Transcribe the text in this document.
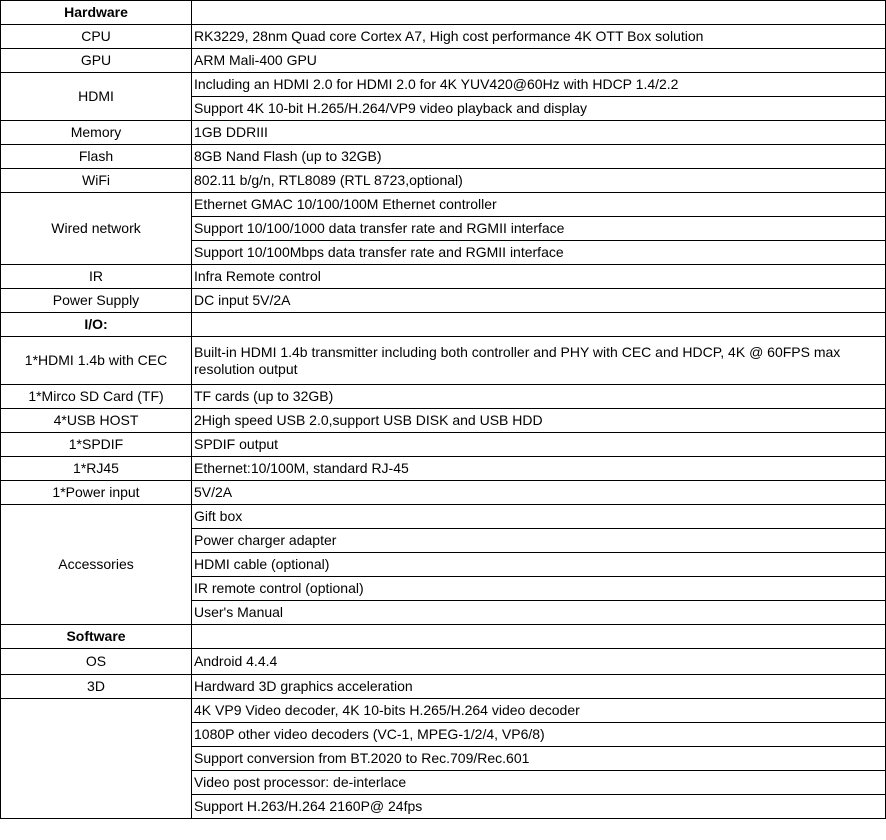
Hardware	
CPU	RK3229, 28nm Quad core Cortex A7, High cost performance 4K OTT Box solution
GPU	ARM Mali-400 GPU
HDMI	Including an HDMI 2.0 for HDMI 2.0 for 4K YUV420@60Hz with HDCP 1.4/2.2
	Support 4K 10-bit H.265/H.264/VP9 video playback and display
Memory	1GB DDRIII
Flash	8GB Nand Flash (up to 32GB)
WiFi	802.11 b/g/n, RTL8089 (RTL 8723,optional)
Wired network	Ethernet GMAC 10/100/100M Ethernet controller
	Support 10/100/1000 data transfer rate and RGMII interface
	Support 10/100Mbps data transfer rate and RGMII interface
IR	Infra Remote control
Power Supply	DC input 5V/2A
I/O:	
1*HDMI 1.4b with CEC	Built-in HDMI 1.4b transmitter including both controller and PHY with CEC and HDCP, 4K @ 60FPS max resolution output
1*Mirco SD Card (TF)	TF cards (up to 32GB)
4*USB HOST	2High speed USB 2.0,support USB DISK and USB HDD
1*SPDIF	SPDIF output
1*RJ45	Ethernet:10/100M, standard RJ-45
1*Power input	5V/2A
Accessories	Gift box
	Power charger adapter
	HDMI cable (optional)
	IR remote control (optional)
	User's Manual
Software	
OS	Android 4.4.4
3D	Hardward 3D graphics acceleration
	4K VP9 Video decoder, 4K 10-bits H.265/H.264 video decoder
	1080P other video decoders (VC-1, MPEG-1/2/4, VP6/8)
	Support conversion from BT.2020 to Rec.709/Rec.601
	Video post processor: de-interlace
	Support H.263/H.264 2160P@ 24fps
